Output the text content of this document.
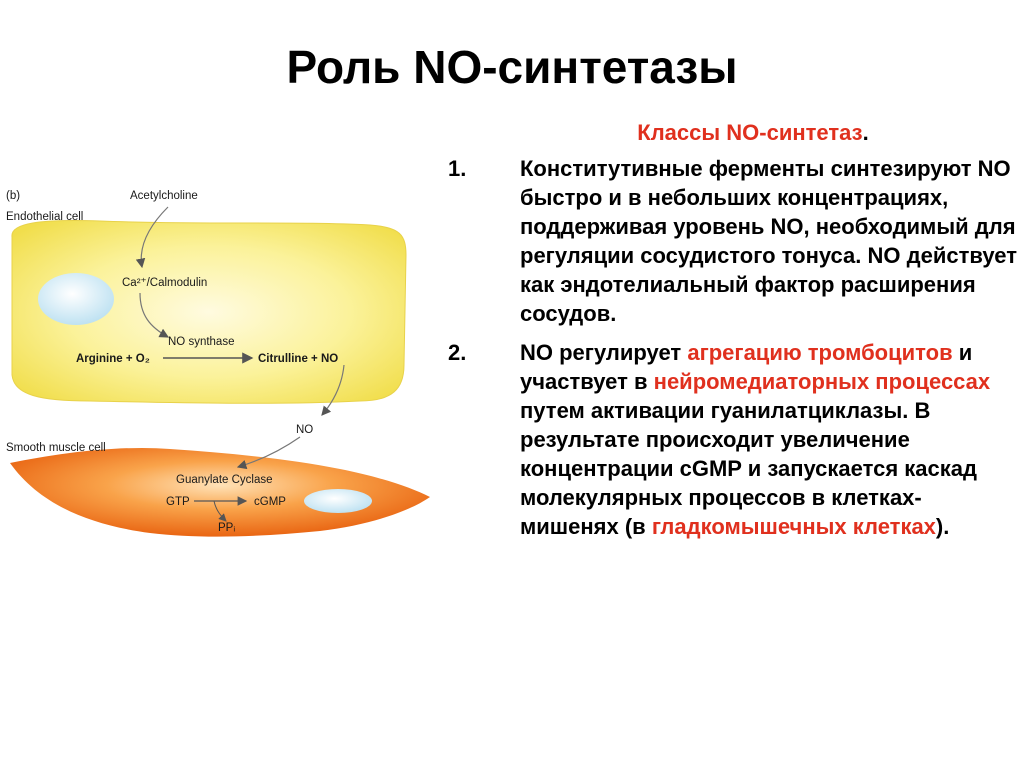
Роль NO-синтетазы
(b)
Endothelial cell
Acetylcholine
Ca²⁺/Calmodulin
NO synthase
Arginine + O₂	Citrulline + NO
NO
Smooth muscle cell
Guanylate Cyclase
GTP	cGMP
PPᵢ
Классы NO-синтетаз.
1. Конститутивные ферменты синтезируют NO быстро и в небольших концентрациях, поддерживая уровень NO, необходимый для регуляции сосудистого тонуса. NO действует как эндотелиальный фактор расширения сосудов.
2. NO регулирует агрегацию тромбоцитов и участвует в нейромедиаторных процессах путем активации гуанилатциклазы. В результате происходит увеличение концентрации cGMP и запускается каскад молекулярных процессов в клетках-мишенях (в гладкомышечных клетках).
